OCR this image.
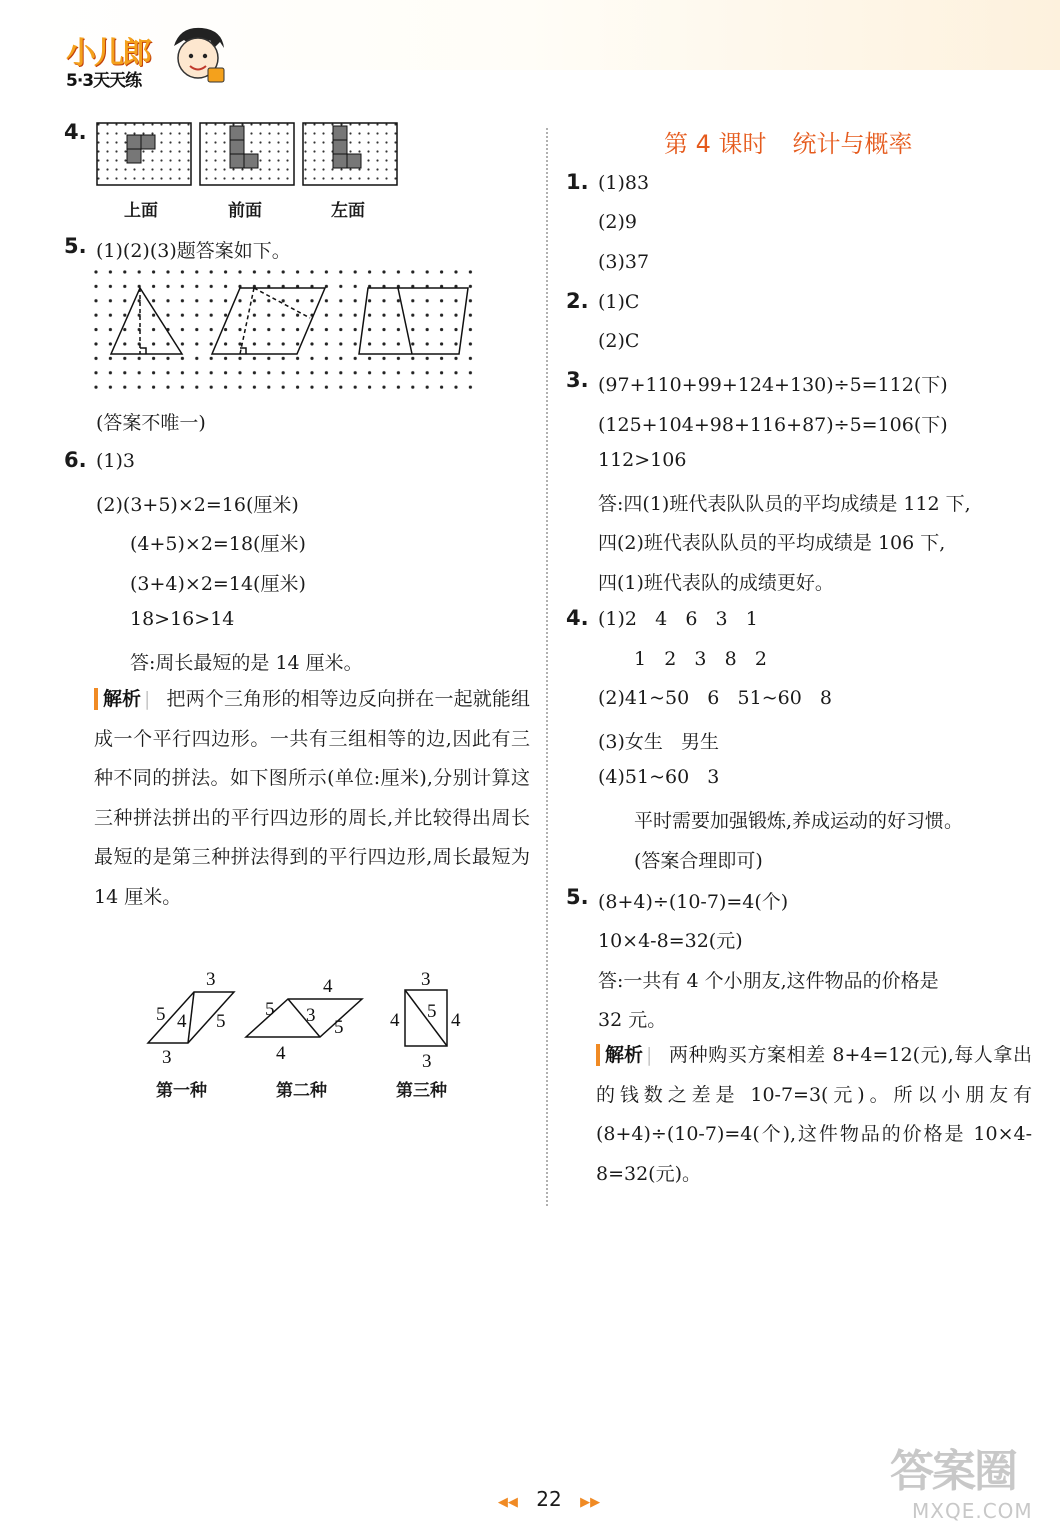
小儿郎
5·3天天练
4.
上面	前面	左面
5. (1)(2)(3)题答案如下。
(答案不唯一)
6. (1)3
(2)(3+5)×2=16(厘米)
(4+5)×2=18(厘米)
(3+4)×2=14(厘米)
18>16>14
答:周长最短的是 14 厘米。
解析 | 把两个三角形的相等边反向拼在一起就能组成一个平行四边形。一共有三组相等的边,因此有三种不同的拼法。如下图所示(单位:厘米),分别计算这三种拼法拼出的平行四边形的周长,并比较得出周长最短的是第三种拼法得到的平行四边形,周长最短为 14 厘米。
3
5 4 5
3
4
5 3
5
4
3
4 5 4
3
第一种	第二种	第三种
第 4 课时 统计与概率
1. (1)83
(2)9
(3)37
2. (1)C
(2)C
3. (97+110+99+124+130)÷5=112(下)
(125+104+98+116+87)÷5=106(下)
112>106
答:四(1)班代表队队员的平均成绩是 112 下,
四(2)班代表队队员的平均成绩是 106 下,
四(1)班代表队的成绩更好。
4. (1)2   4   6   3   1
1   2   3   8   2
(2)41~50   6   51~60   8
(3)女生   男生
(4)51~60   3
平时需要加强锻炼,养成运动的好习惯。
(答案合理即可)
5. (8+4)÷(10-7)=4(个)
10×4-8=32(元)
答:一共有 4 个小朋友,这件物品的价格是
32 元。
解析 | 两种购买方案相差 8+4=12(元),每人拿出的钱数之差是 10-7=3(元)。所以小朋友有(8+4)÷(10-7)=4(个),这件物品的价格是 10×4-8=32(元)。
◀◀ 22 ▶▶
答案圈
MXQE.COM
